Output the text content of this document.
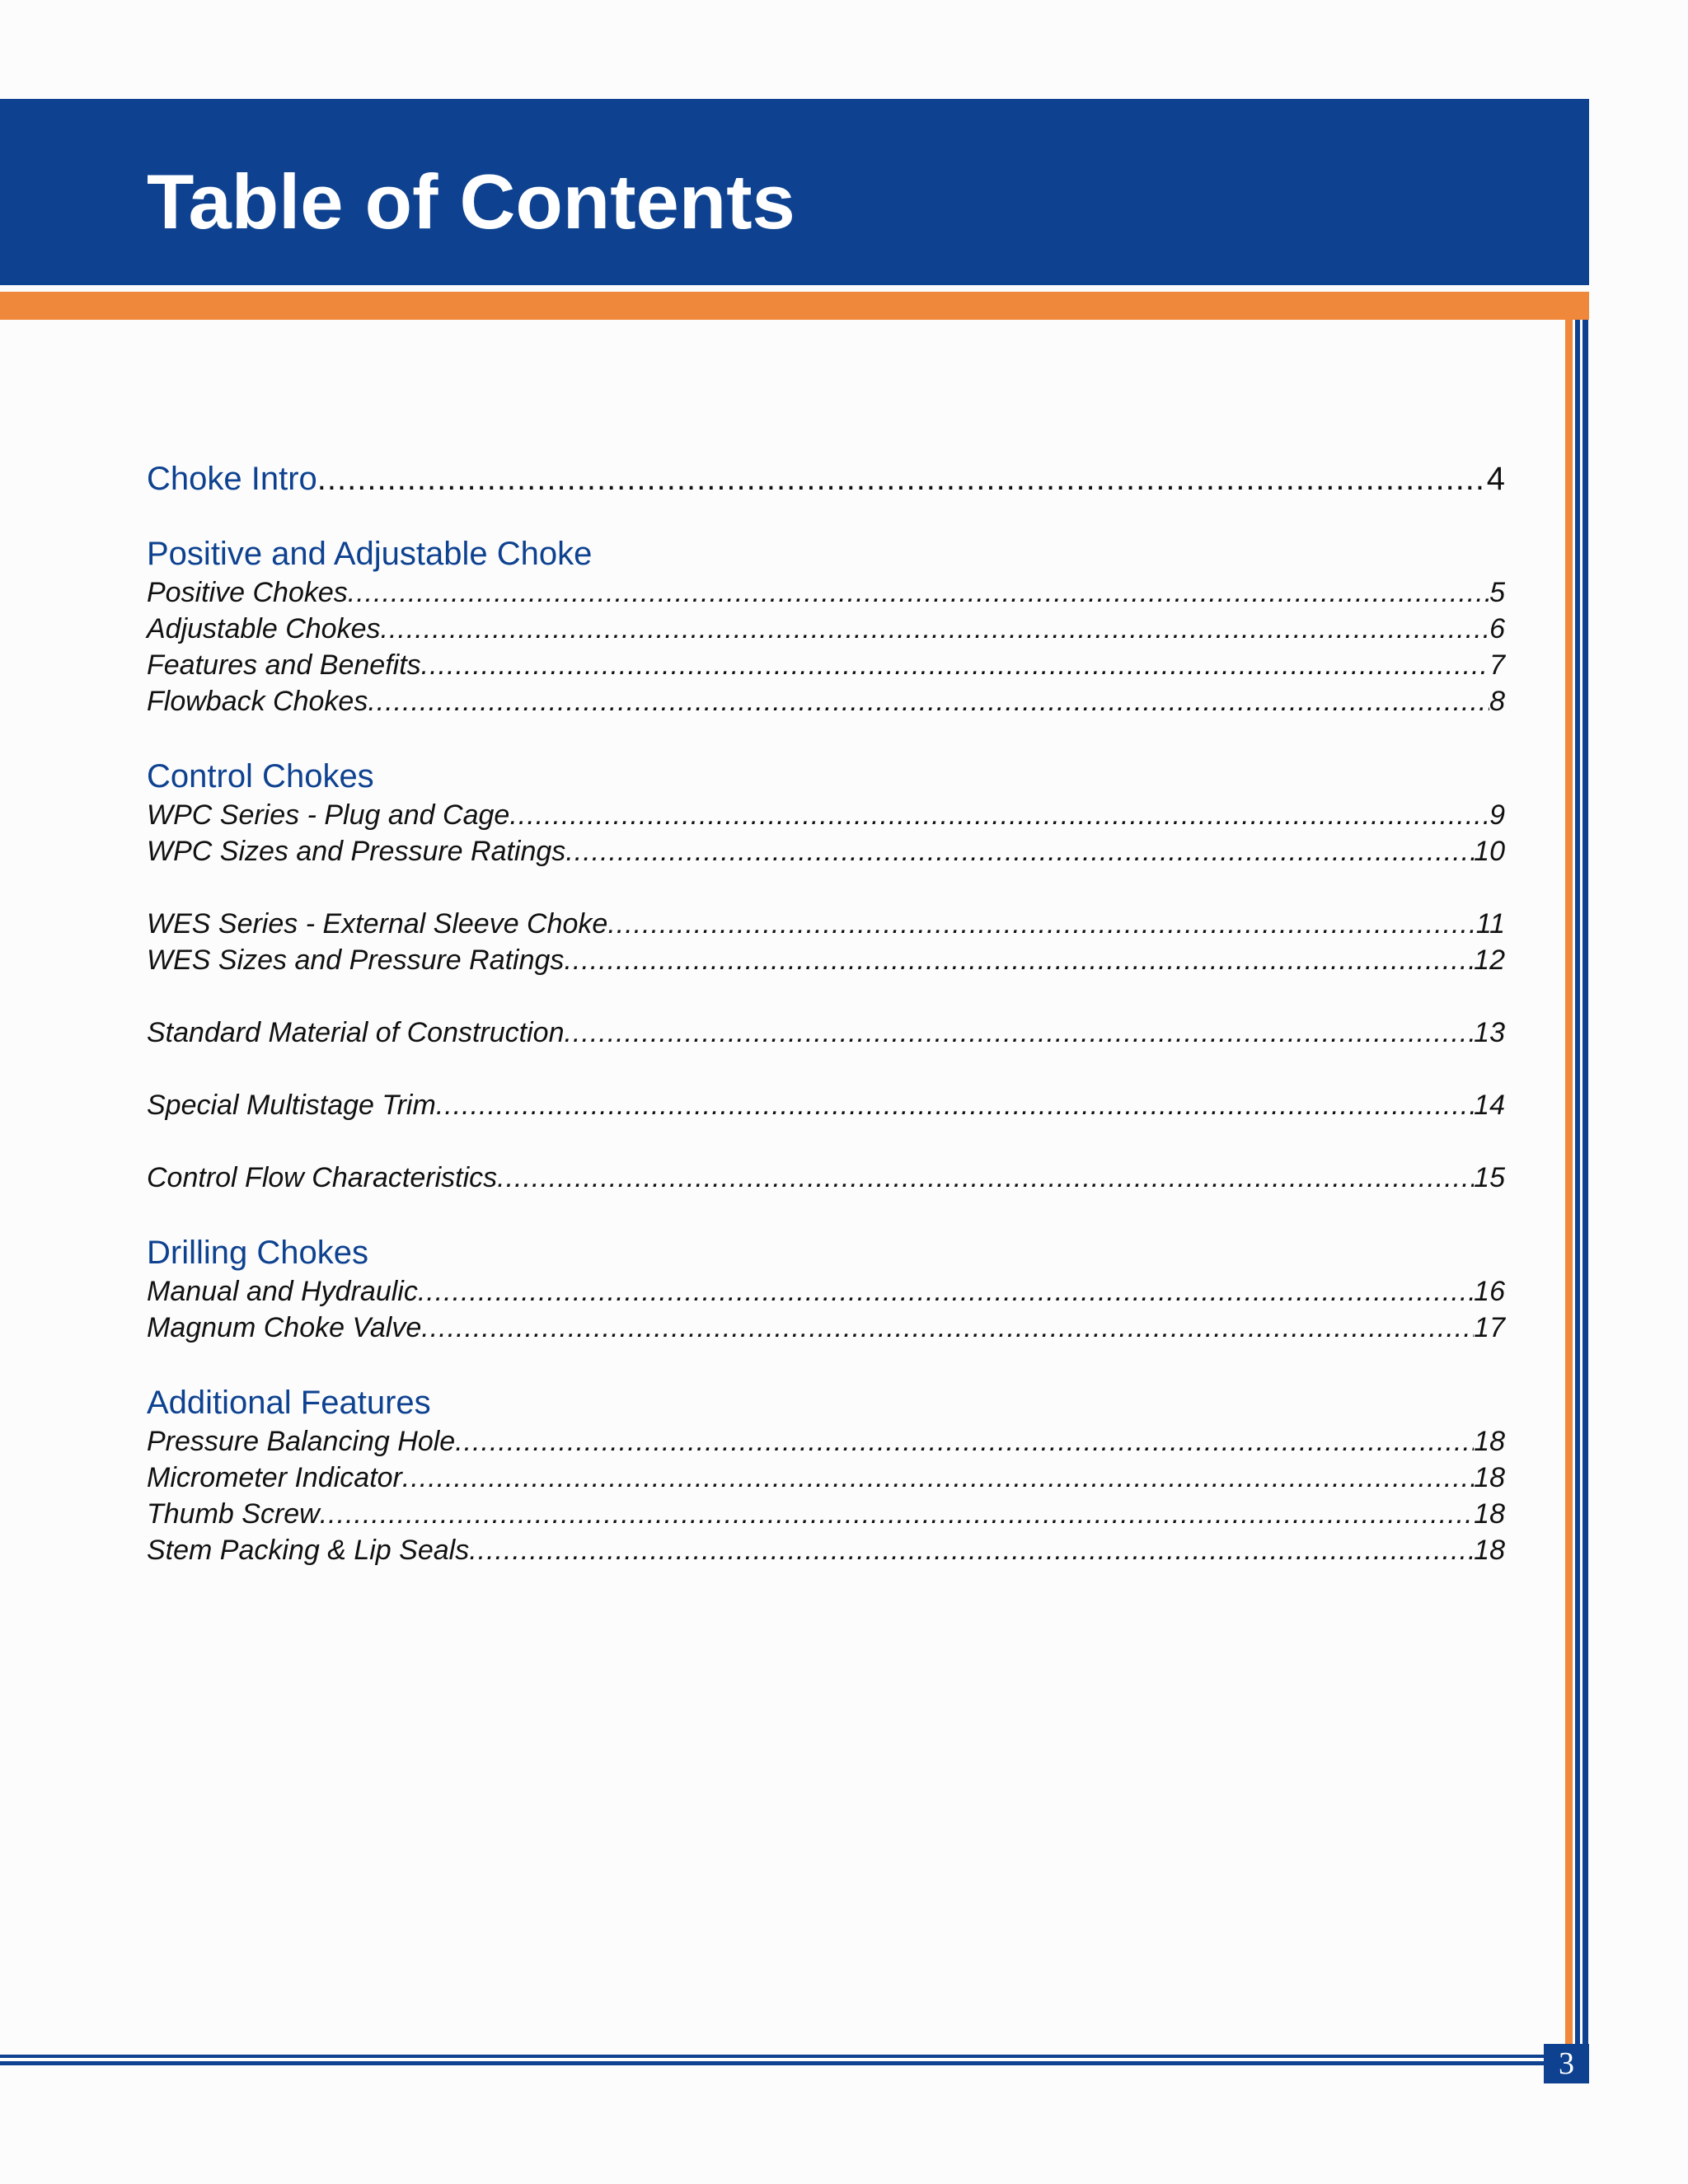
Table of Contents
3
Choke Intro .....	4
Positive and Adjustable Choke
Positive Chokes .....	5
Adjustable Chokes .....	6
Features and Benefits .....	7
Flowback Chokes .....	8
Control Chokes
WPC Series - Plug and Cage .....	9
WPC Sizes and Pressure Ratings .....	10
WES Series - External Sleeve Choke .....	11
WES Sizes and Pressure Ratings .....	12
Standard Material of Construction .....	13
Special Multistage Trim .....	14
Control Flow Characteristics .....	15
Drilling Chokes
Manual and Hydraulic .....	16
Magnum Choke Valve .....	17
Additional Features
Pressure Balancing Hole .....	18
Micrometer Indicator .....	18
Thumb Screw .....	18
Stem Packing & Lip Seals .....	18
